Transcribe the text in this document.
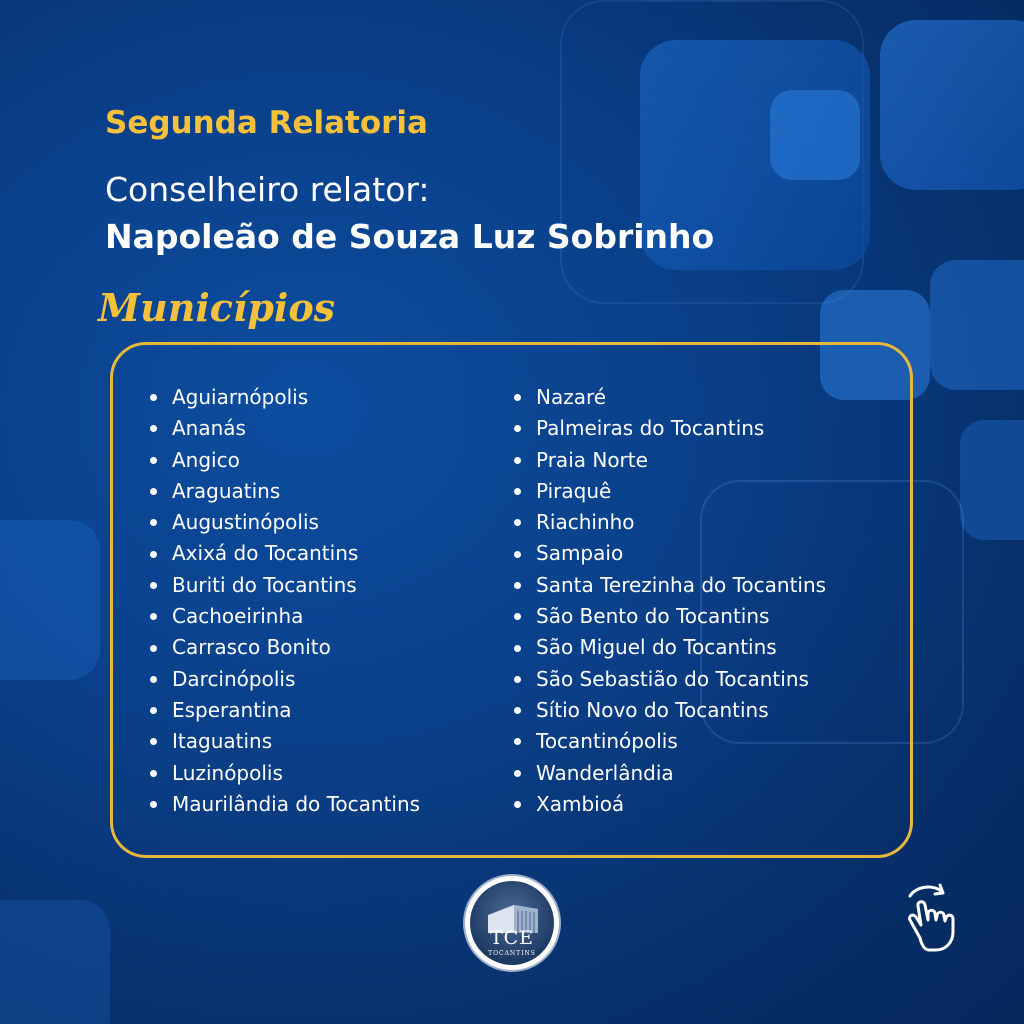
Segunda Relatoria
Conselheiro relator:
Napoleão de Souza Luz Sobrinho
Municípios
Aguiarnópolis
Ananás
Angico
Araguatins
Augustinópolis
Axixá do Tocantins
Buriti do Tocantins
Cachoeirinha
Carrasco Bonito
Darcinópolis
Esperantina
Itaguatins
Luzinópolis
Maurilândia do Tocantins
Nazaré
Palmeiras do Tocantins
Praia Norte
Piraquê
Riachinho
Sampaio
Santa Terezinha do Tocantins
São Bento do Tocantins
São Miguel do Tocantins
São Sebastião do Tocantins
Sítio Novo do Tocantins
Tocantinópolis
Wanderlândia
Xambioá
TCE
TOCANTINS
